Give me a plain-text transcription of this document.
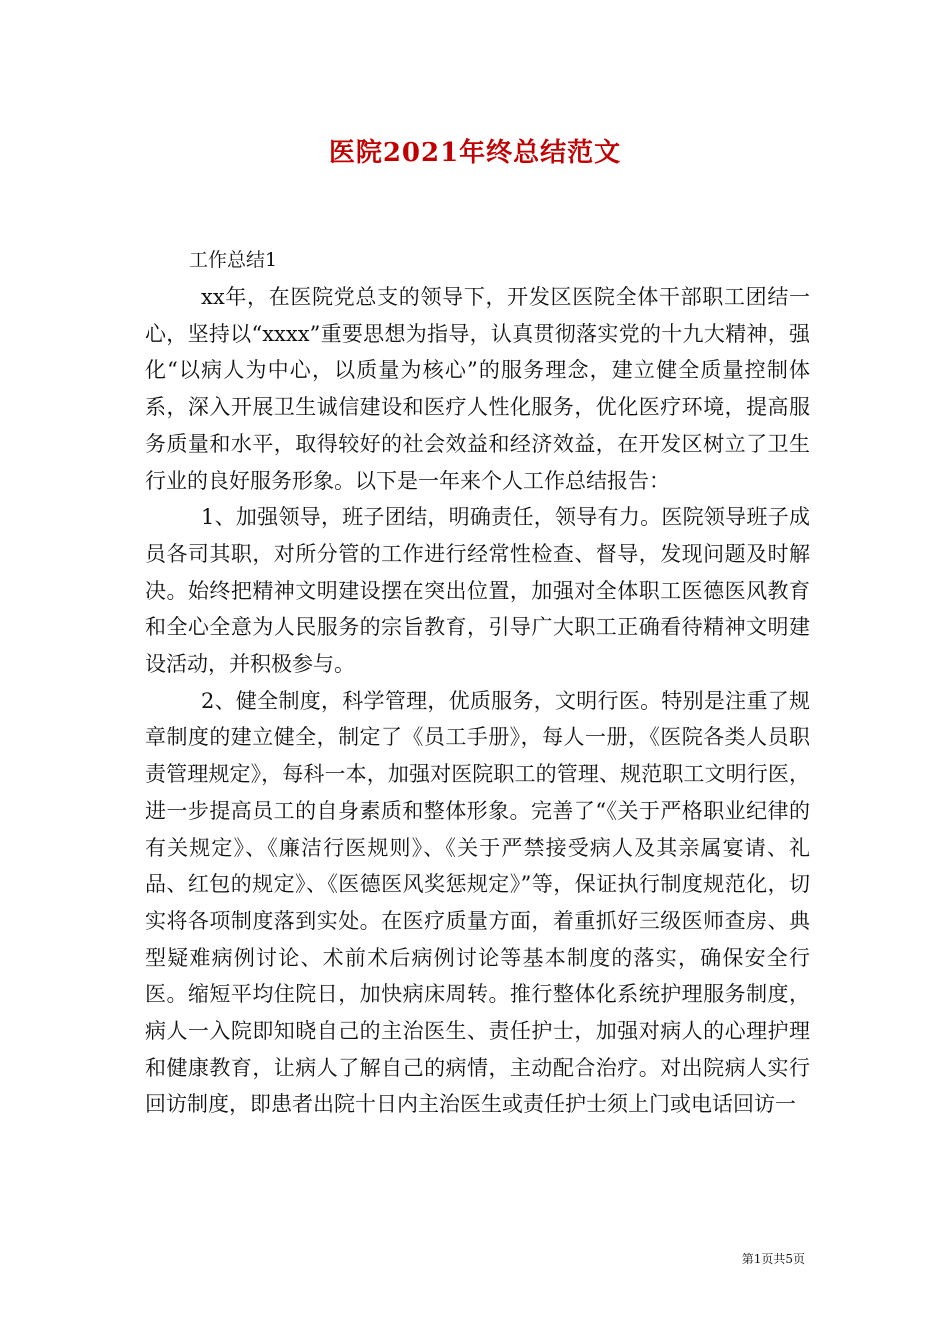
医院2021年终总结范文

工作总结1

xx年，在医院党总支的领导下，开发区医院全体干部职工团结一心，坚持以“xxxx”重要思想为指导，认真贯彻落实党的十九大精神，强化“以病人为中心，以质量为核心”的服务理念，建立健全质量控制体系，深入开展卫生诚信建设和医疗人性化服务，优化医疗环境，提高服务质量和水平，取得较好的社会效益和经济效益，在开发区树立了卫生行业的良好服务形象。以下是一年来个人工作总结报告：

1、加强领导，班子团结，明确责任，领导有力。医院领导班子成员各司其职，对所分管的工作进行经常性检查、督导，发现问题及时解决。始终把精神文明建设摆在突出位置，加强对全体职工医德医风教育和全心全意为人民服务的宗旨教育，引导广大职工正确看待精神文明建设活动，并积极参与。

2、健全制度，科学管理，优质服务，文明行医。特别是注重了规章制度的建立健全，制定了《员工手册》，每人一册，《医院各类人员职责管理规定》，每科一本，加强对医院职工的管理、规范职工文明行医，进一步提高员工的自身素质和整体形象。完善了“《关于严格职业纪律的有关规定》、《廉洁行医规则》、《关于严禁接受病人及其亲属宴请、礼品、红包的规定》、《医德医风奖惩规定》”等，保证执行制度规范化，切实将各项制度落到实处。在医疗质量方面，着重抓好三级医师查房、典型疑难病例讨论、术前术后病例讨论等基本制度的落实，确保安全行医。缩短平均住院日，加快病床周转。推行整体化系统护理服务制度，病人一入院即知晓自己的主治医生、责任护士，加强对病人的心理护理和健康教育，让病人了解自己的病情，主动配合治疗。对出院病人实行回访制度，即患者出院十日内主治医生或责任护士须上门或电话回访一

第1页共5页
